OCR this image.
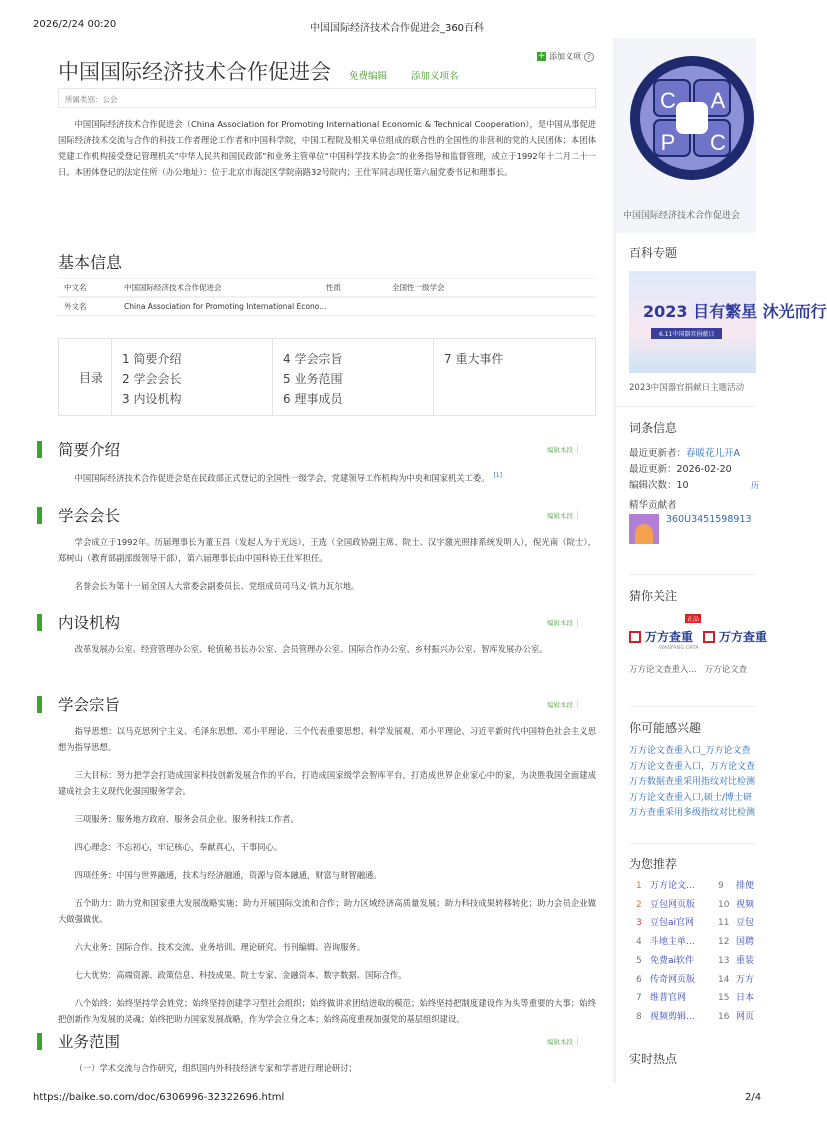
2026/2/24 00:20	中国国际经济技术合作促进会_360百科
中国国际经济技术合作促进会 免费编辑	添加义项名
+ 添加义项 ?
所属类别：公会

中国国际经济技术合作促进会（China Association for Promoting International Economic & Technical Cooperation），是中国从事促进国际经济技术交流与合作的科技工作者理论工作者和中国科学院，中国工程院及相关单位组成的联合性的全国性的非营利的党的人民团体；本团体党建工作机构接受登记管理机关“中华人民共和国民政部”和业务主管单位“中国科学技术协会”的业务指导和监督管理，成立于1992年十二月二十一日。本团体登记的法定住所（办公地址）：位于北京市海淀区学院南路32号院内；王仕军同志现任第六届党委书记和理事长。

基本信息
中文名	中国国际经济技术合作促进会	性质	全国性一级学会
外文名	China Association for Promoting International Econo...
目录
1 简要介绍
2 学会会长
3 内设机构
4 学会宗旨
5 业务范围
6 理事成员
7 重大事件
简要介绍	编辑本段

中国国际经济技术合作促进会是在民政部正式登记的全国性一级学会，党建领导工作机构为中央和国家机关工委。 [1]

学会会长	编辑本段

学会成立于1992年。历届理事长为董玉昌（发起人为于光远），王选（全国政协副主席、院士、汉字激光照排系统发明人），倪光南（院士），郑树山（教育部副部级领导干部），第六届理事长由中国科协王仕军担任。

名誉会长为第十一届全国人大常委会副委员长、党组成员司马义·铁力瓦尔地。

内设机构	编辑本段

改革发展办公室、经营管理办公室、轮值秘书长办公室、会员管理办公室、国际合作办公室、乡村振兴办公室、智库发展办公室。

学会宗旨	编辑本段

指导思想：以马克思列宁主义、毛泽东思想、邓小平理论、三个代表重要思想、科学发展观、邓小平理论、习近平新时代中国特色社会主义思想为指导思想。

三大目标：努力把学会打造成国家科技创新发展合作的平台，打造成国家级学会智库平台，打造成世界企业家心中的家，为决胜我国全面建成建成社会主义现代化强国服务学会。

三项服务：服务地方政府、服务会员企业、服务科技工作者。

四心理念：不忘初心，牢记核心，奉献真心，干事同心。

四项任务：中国与世界融通，技术与经济融通，资源与资本融通，财富与财智融通。

五个助力：助力党和国家重大发展战略实施；助力开展国际交流和合作；助力区域经济高质量发展；助力科技成果转移转化；助力会员企业做大做强做优。

六大业务：国际合作、技术交流、业务培训、理论研究、书刊编辑、咨询服务。

七大优势：高端资源、政策信息、科技成果、院士专家、金融资本、数字数据、国际合作。

八个始终：始终坚持学会姓党；始终坚持创建学习型社会组织；始终做讲求团结进取的模范；始终坚持把制度建设作为头等重要的大事；始终把创新作为发展的灵魂；始终把助力国家发展战略，作为学会立身之本；始终高度重视加强党的基层组织建设。

业务范围	编辑本段

（一）学术交流与合作研究，组织国内外科技经济专家和学者进行理论研讨；

C A
P C
中国国际经济技术合作促进会
百科专题
2023 目有繁星 沐光而行
6.11中国器官捐献日
2023中国器官捐献日主题活动
词条信息
最近更新者：春暖花儿开A
最近更新：2026-02-20
编辑次数：10	历
精华贡献者
360U3451598913
猜你关注
正品
万方查重 万方查重
WANFANG DATA
万方论文查重入... 万方论文查
你可能感兴趣
万方论文查重入口_万方论文查
万方论文查重入口，万方论文查
万方数据查重采用指纹对比检测
万方论文查重入口,硕士/博士研
万方查重采用多级指纹对比检测
为您推荐
1 万方论文...	9	排便
2 豆包网页版	10 视频
3 豆包ai官网	11 豆包
4 斗地主单...	12 国聘
5 免费ai软件	13 重装
6 传奇网页版	14 万方
7 维普官网	15 日本
8 视频剪辑...	16 网页
实时热点
https://baike.so.com/doc/6306996-32322696.html	2/4
